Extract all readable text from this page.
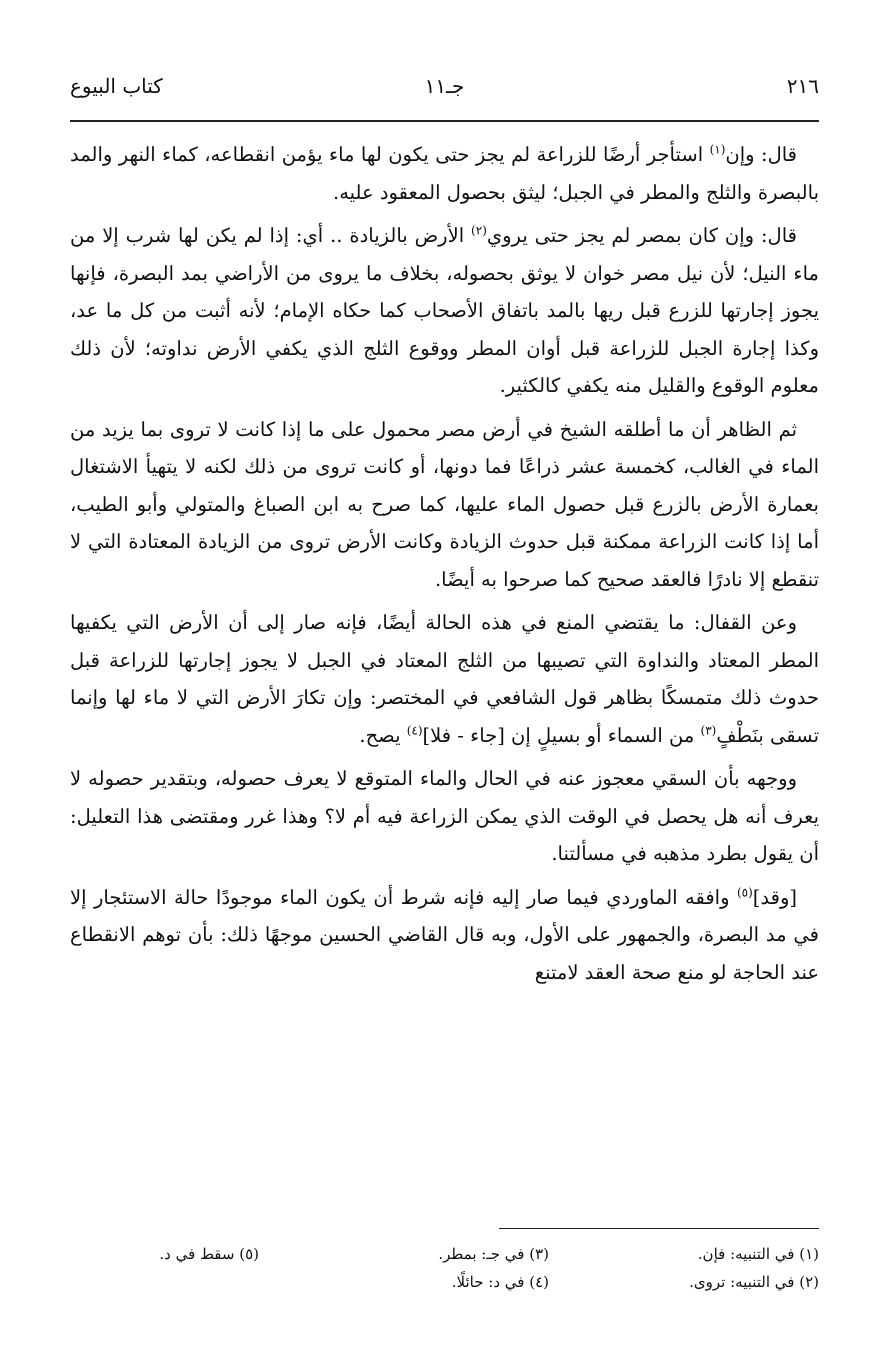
٢١٦
جـ١١
كتاب البيوع

قال: وإن$^{(١)}$ استأجر أرضًا للزراعة لم يجز حتى يكون لها ماء يؤمن انقطاعه، كماء النهر والمد بالبصرة والثلج والمطر في الجبل؛ ليثق بحصول المعقود عليه.

قال: وإن كان بمصر لم يجز حتى يروي$^{(٢)}$ الأرض بالزيادة .. أي: إذا لم يكن لها شرب إلا من ماء النيل؛ لأن نيل مصر خوان لا يوثق بحصوله، بخلاف ما يروى من الأراضي بمد البصرة، فإنها يجوز إجارتها للزرع قبل ريها بالمد باتفاق الأصحاب كما حكاه الإمام؛ لأنه أثبت من كل ما عد، وكذا إجارة الجبل للزراعة قبل أوان المطر ووقوع الثلج الذي يكفي الأرض نداوته؛ لأن ذلك معلوم الوقوع والقليل منه يكفي كالكثير.

ثم الظاهر أن ما أطلقه الشيخ في أرض مصر محمول على ما إذا كانت لا تروى بما يزيد من الماء في الغالب، كخمسة عشر ذراعًا فما دونها، أو كانت تروى من ذلك لكنه لا يتهيأ الاشتغال بعمارة الأرض بالزرع قبل حصول الماء عليها، كما صرح به ابن الصباغ والمتولي وأبو الطيب، أما إذا كانت الزراعة ممكنة قبل حدوث الزيادة وكانت الأرض تروى من الزيادة المعتادة التي لا تنقطع إلا نادرًا فالعقد صحيح كما صرحوا به أيضًا.

وعن القفال: ما يقتضي المنع في هذه الحالة أيضًا، فإنه صار إلى أن الأرض التي يكفيها المطر المعتاد والنداوة التي تصيبها من الثلج المعتاد في الجبل لا يجوز إجارتها للزراعة قبل حدوث ذلك متمسكًا بظاهر قول الشافعي في المختصر: وإن تكارَ الأرض التي لا ماء لها وإنما تسقى بنَطْفٍ$^{(٣)}$ من السماء أو بسيلٍ إن [جاء - فلا]$^{(٤)}$ يصح.

ووجهه بأن السقي معجوز عنه في الحال والماء المتوقع لا يعرف حصوله، وبتقدير حصوله لا يعرف أنه هل يحصل في الوقت الذي يمكن الزراعة فيه أم لا؟ وهذا غرر ومقتضى هذا التعليل: أن يقول بطرد مذهبه في مسألتنا.

[وقد]$^{(٥)}$ وافقه الماوردي فيما صار إليه فإنه شرط أن يكون الماء موجودًا حالة الاستئجار إلا في مد البصرة، والجمهور على الأول، وبه قال القاضي الحسين موجهًا ذلك: بأن توهم الانقطاع عند الحاجة لو منع صحة العقد لامتنع

(١) في التنبيه: فإن.
(٢) في التنبيه: تروى.
(٣) في جـ: بمطر.
(٤) في د: حائلًا.
(٥) سقط في د.
